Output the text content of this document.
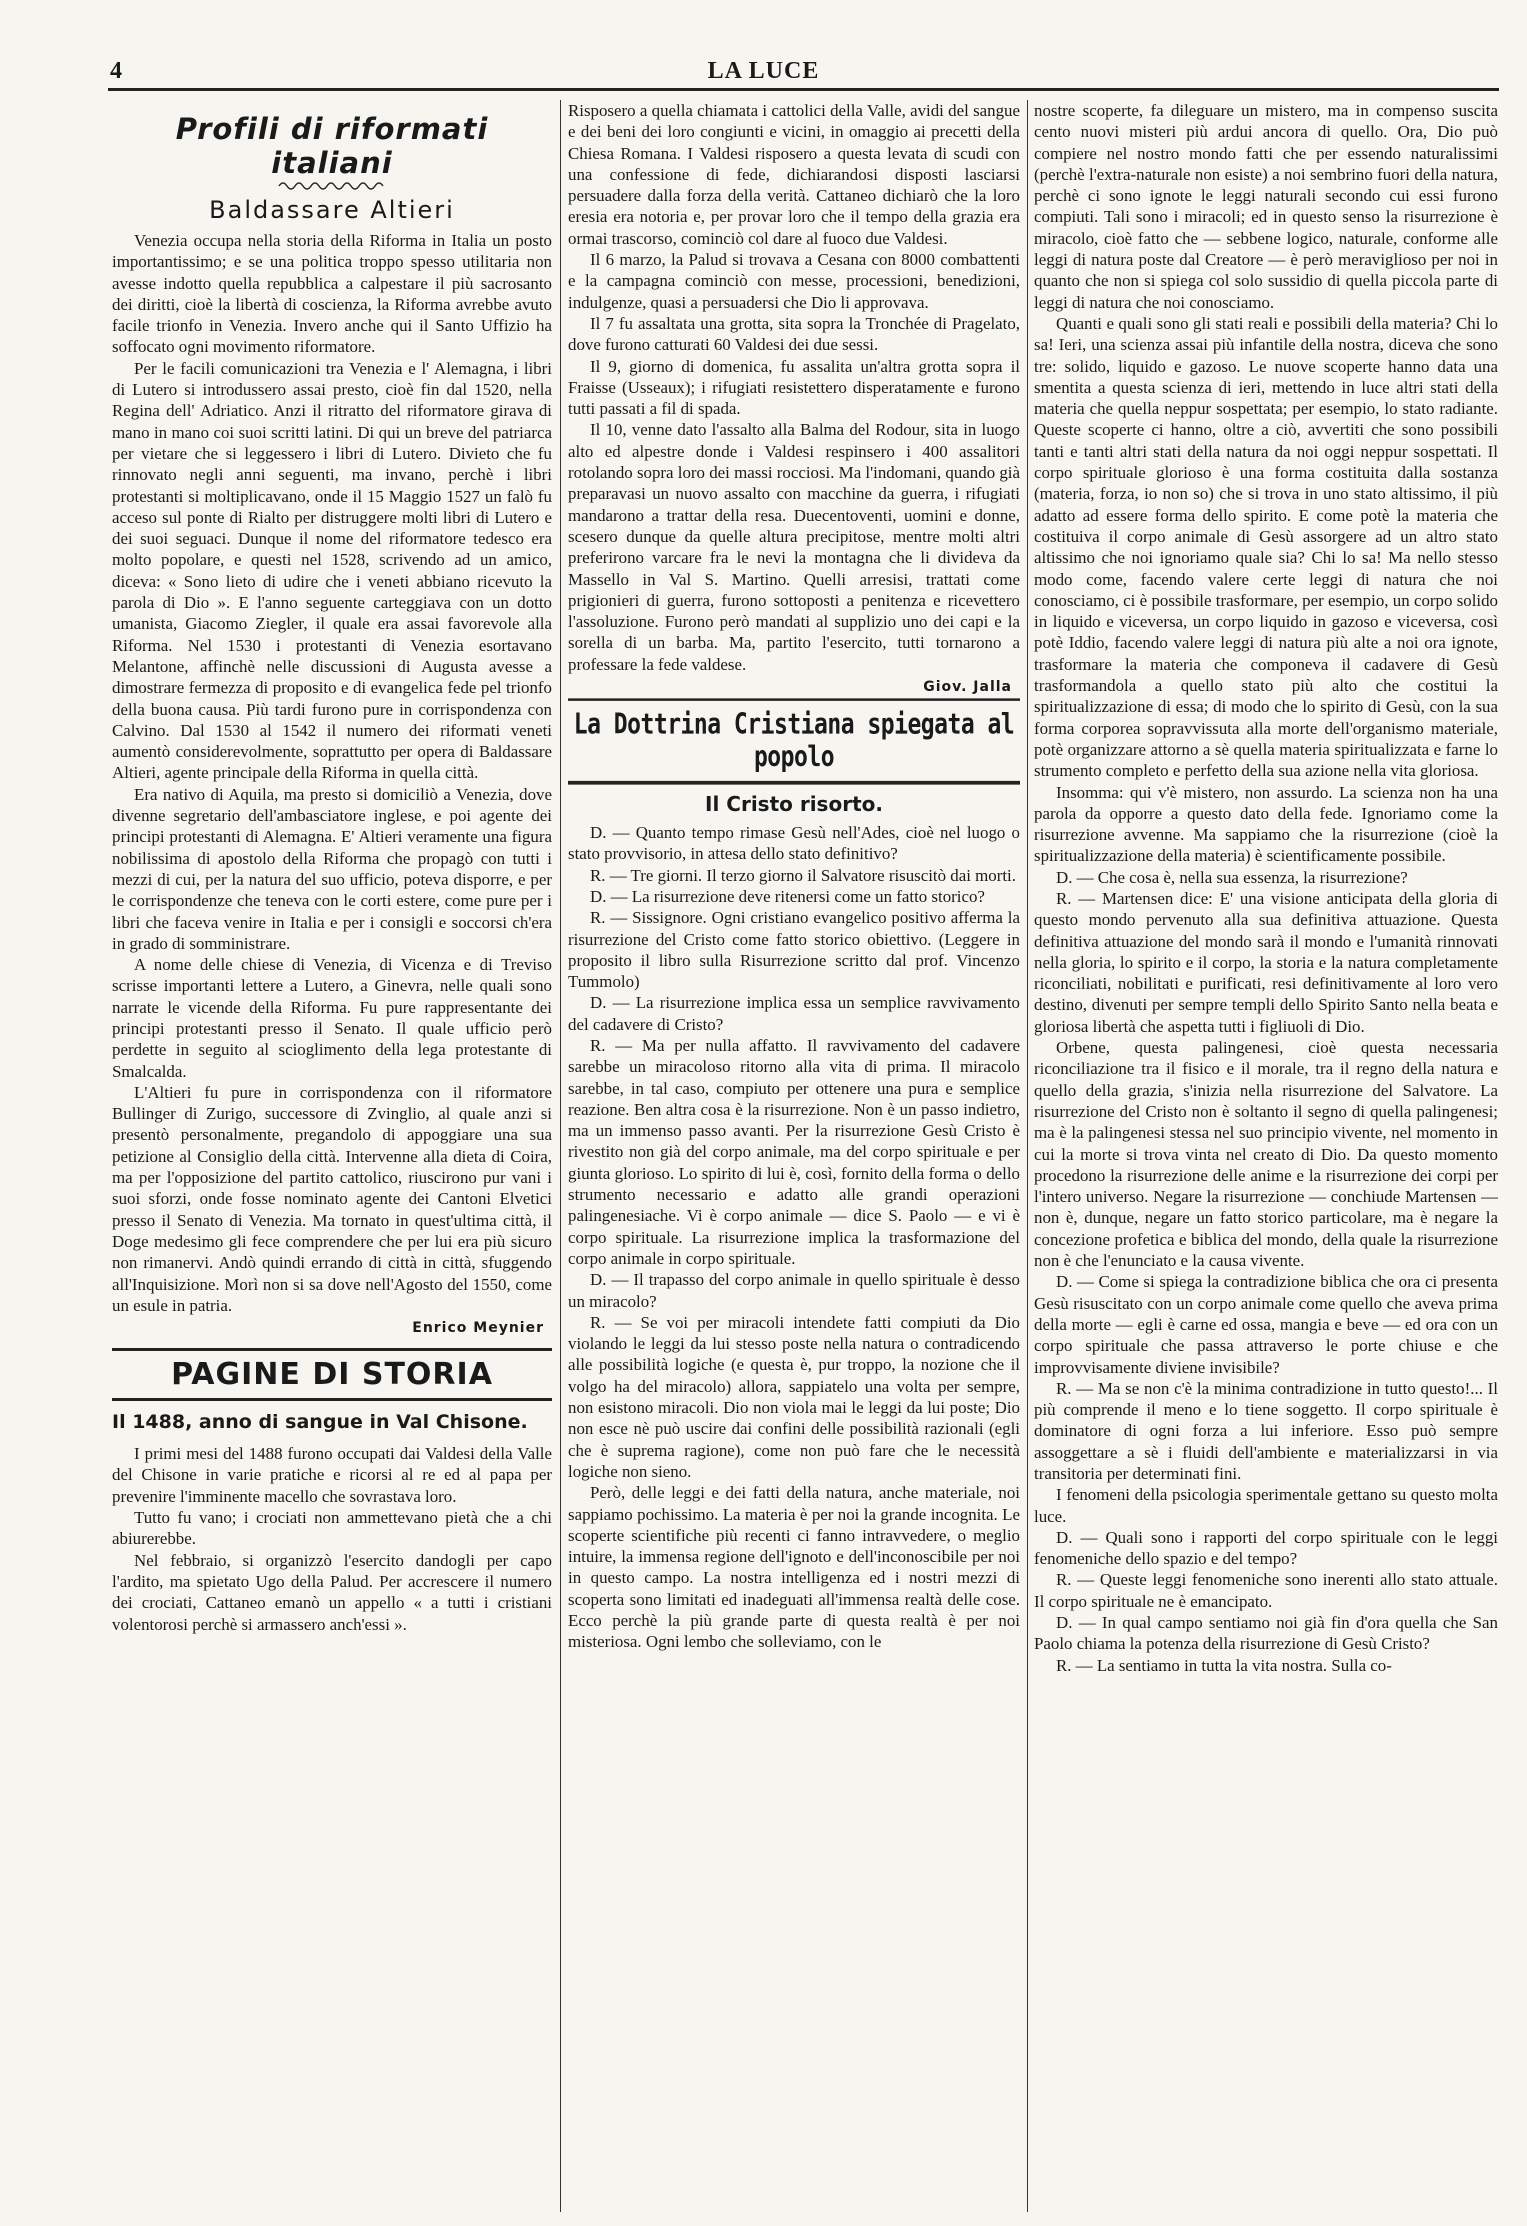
4	LA LUCE
Profili di riformati italiani
Baldassare Altieri

Venezia occupa nella storia della Riforma in Italia un posto importantissimo; e se una politica troppo spesso utilitaria non avesse indotto quella repubblica a calpestare il più sacrosanto dei diritti, cioè la libertà di coscienza, la Riforma avrebbe avuto facile trionfo in Venezia. Invero anche qui il Santo Uffizio ha soffocato ogni movimento riformatore.

Per le facili comunicazioni tra Venezia e l' Alemagna, i libri di Lutero si introdussero assai presto, cioè fin dal 1520, nella Regina dell' Adriatico. Anzi il ritratto del riformatore girava di mano in mano coi suoi scritti latini. Di qui un breve del patriarca per vietare che si leggessero i libri di Lutero. Divieto che fu rinnovato negli anni seguenti, ma invano, perchè i libri protestanti si moltiplicavano, onde il 15 Maggio 1527 un falò fu acceso sul ponte di Rialto per distruggere molti libri di Lutero e dei suoi seguaci. Dunque il nome del riformatore tedesco era molto popolare, e questi nel 1528, scrivendo ad un amico, diceva: « Sono lieto di udire che i veneti abbiano ricevuto la parola di Dio ». E l'anno seguente carteggiava con un dotto umanista, Giacomo Ziegler, il quale era assai favorevole alla Riforma. Nel 1530 i protestanti di Venezia esortavano Melantone, affinchè nelle discussioni di Augusta avesse a dimostrare fermezza di proposito e di evangelica fede pel trionfo della buona causa. Più tardi furono pure in corrispondenza con Calvino. Dal 1530 al 1542 il numero dei riformati veneti aumentò considerevolmente, soprattutto per opera di Baldassare Altieri, agente principale della Riforma in quella città.

Era nativo di Aquila, ma presto si domiciliò a Venezia, dove divenne segretario dell'ambasciatore inglese, e poi agente dei principi protestanti di Alemagna. E' Altieri veramente una figura nobilissima di apostolo della Riforma che propagò con tutti i mezzi di cui, per la natura del suo ufficio, poteva disporre, e per le corrispondenze che teneva con le corti estere, come pure per i libri che faceva venire in Italia e per i consigli e soccorsi ch'era in grado di somministrare.

A nome delle chiese di Venezia, di Vicenza e di Treviso scrisse importanti lettere a Lutero, a Ginevra, nelle quali sono narrate le vicende della Riforma. Fu pure rappresentante dei principi protestanti presso il Senato. Il quale ufficio però perdette in seguito al scioglimento della lega protestante di Smalcalda.

L'Altieri fu pure in corrispondenza con il riformatore Bullinger di Zurigo, successore di Zvinglio, al quale anzi si presentò personalmente, pregandolo di appoggiare una sua petizione al Consiglio della città. Intervenne alla dieta di Coira, ma per l'opposizione del partito cattolico, riuscirono pur vani i suoi sforzi, onde fosse nominato agente dei Cantoni Elvetici presso il Senato di Venezia. Ma tornato in quest'ultima città, il Doge medesimo gli fece comprendere che per lui era più sicuro non rimanervi. Andò quindi errando di città in città, sfuggendo all'Inquisizione. Morì non si sa dove nell'Agosto del 1550, come un esule in patria.

Enrico Meynier
PAGINE DI STORIA
Il 1488, anno di sangue in Val Chisone.

I primi mesi del 1488 furono occupati dai Valdesi della Valle del Chisone in varie pratiche e ricorsi al re ed al papa per prevenire l'imminente macello che sovrastava loro.

Tutto fu vano; i crociati non ammettevano pietà che a chi abiurerebbe.

Nel febbraio, si organizzò l'esercito dandogli per capo l'ardito, ma spietato Ugo della Palud. Per accrescere il numero dei crociati, Cattaneo emanò un appello « a tutti i cristiani volentorosi perchè si armassero anch'essi ».

Risposero a quella chiamata i cattolici della Valle, avidi del sangue e dei beni dei loro congiunti e vicini, in omaggio ai precetti della Chiesa Romana. I Valdesi risposero a questa levata di scudi con una confessione di fede, dichiarandosi disposti lasciarsi persuadere dalla forza della verità. Cattaneo dichiarò che la loro eresia era notoria e, per provar loro che il tempo della grazia era ormai trascorso, cominciò col dare al fuoco due Valdesi.

Il 6 marzo, la Palud si trovava a Cesana con 8000 combattenti e la campagna cominciò con messe, processioni, benedizioni, indulgenze, quasi a persuadersi che Dio li approvava.

Il 7 fu assaltata una grotta, sita sopra la Tronchée di Pragelato, dove furono catturati 60 Valdesi dei due sessi.

Il 9, giorno di domenica, fu assalita un'altra grotta sopra il Fraisse (Usseaux); i rifugiati resistettero disperatamente e furono tutti passati a fil di spada.

Il 10, venne dato l'assalto alla Balma del Rodour, sita in luogo alto ed alpestre donde i Valdesi respinsero i 400 assalitori rotolando sopra loro dei massi rocciosi. Ma l'indomani, quando già preparavasi un nuovo assalto con macchine da guerra, i rifugiati mandarono a trattar della resa. Duecentoventi, uomini e donne, scesero dunque da quelle altura precipitose, mentre molti altri preferirono varcare fra le nevi la montagna che li divideva da Massello in Val S. Martino. Quelli arresisi, trattati come prigionieri di guerra, furono sottoposti a penitenza e ricevettero l'assoluzione. Furono però mandati al supplizio uno dei capi e la sorella di un barba. Ma, partito l'esercito, tutti tornarono a professare la fede valdese.

Giov. Jalla
La Dottrina Cristiana spiegata al popolo
Il Cristo risorto.

D. — Quanto tempo rimase Gesù nell'Ades, cioè nel luogo o stato provvisorio, in attesa dello stato definitivo?

R. — Tre giorni. Il terzo giorno il Salvatore risuscitò dai morti.

D. — La risurrezione deve ritenersi come un fatto storico?

R. — Sissignore. Ogni cristiano evangelico positivo afferma la risurrezione del Cristo come fatto storico obiettivo. (Leggere in proposito il libro sulla Risurrezione scritto dal prof. Vincenzo Tummolo)

D. — La risurrezione implica essa un semplice ravvivamento del cadavere di Cristo?

R. — Ma per nulla affatto. Il ravvivamento del cadavere sarebbe un miracoloso ritorno alla vita di prima. Il miracolo sarebbe, in tal caso, compiuto per ottenere una pura e semplice reazione. Ben altra cosa è la risurrezione. Non è un passo indietro, ma un immenso passo avanti. Per la risurrezione Gesù Cristo è rivestito non già del corpo animale, ma del corpo spirituale e per giunta glorioso. Lo spirito di lui è, così, fornito della forma o dello strumento necessario e adatto alle grandi operazioni palingenesiache. Vi è corpo animale — dice S. Paolo — e vi è corpo spirituale. La risurrezione implica la trasformazione del corpo animale in corpo spirituale.

D. — Il trapasso del corpo animale in quello spirituale è desso un miracolo?

R. — Se voi per miracoli intendete fatti compiuti da Dio violando le leggi da lui stesso poste nella natura o contradicendo alle possibilità logiche (e questa è, pur troppo, la nozione che il volgo ha del miracolo) allora, sappiatelo una volta per sempre, non esistono miracoli. Dio non viola mai le leggi da lui poste; Dio non esce nè può uscire dai confini delle possibilità razionali (egli che è suprema ragione), come non può fare che le necessità logiche non sieno.

Però, delle leggi e dei fatti della natura, anche materiale, noi sappiamo pochissimo. La materia è per noi la grande incognita. Le scoperte scientifiche più recenti ci fanno intravvedere, o meglio intuire, la immensa regione dell'ignoto e dell'inconoscibile per noi in questo campo. La nostra intelligenza ed i nostri mezzi di scoperta sono limitati ed inadeguati all'immensa realtà delle cose. Ecco perchè la più grande parte di questa realtà è per noi misteriosa. Ogni lembo che solleviamo, con le

nostre scoperte, fa dileguare un mistero, ma in compenso suscita cento nuovi misteri più ardui ancora di quello. Ora, Dio può compiere nel nostro mondo fatti che per essendo naturalissimi (perchè l'extra-naturale non esiste) a noi sembrino fuori della natura, perchè ci sono ignote le leggi naturali secondo cui essi furono compiuti. Tali sono i miracoli; ed in questo senso la risurrezione è miracolo, cioè fatto che — sebbene logico, naturale, conforme alle leggi di natura poste dal Creatore — è però meraviglioso per noi in quanto che non si spiega col solo sussidio di quella piccola parte di leggi di natura che noi conosciamo.

Quanti e quali sono gli stati reali e possibili della materia? Chi lo sa! Ieri, una scienza assai più infantile della nostra, diceva che sono tre: solido, liquido e gazoso. Le nuove scoperte hanno data una smentita a questa scienza di ieri, mettendo in luce altri stati della materia che quella neppur sospettata; per esempio, lo stato radiante. Queste scoperte ci hanno, oltre a ciò, avvertiti che sono possibili tanti e tanti altri stati della natura da noi oggi neppur sospettati. Il corpo spirituale glorioso è una forma costituita dalla sostanza (materia, forza, io non so) che si trova in uno stato altissimo, il più adatto ad essere forma dello spirito. E come potè la materia che costituiva il corpo animale di Gesù assorgere ad un altro stato altissimo che noi ignoriamo quale sia? Chi lo sa! Ma nello stesso modo come, facendo valere certe leggi di natura che noi conosciamo, ci è possibile trasformare, per esempio, un corpo solido in liquido e viceversa, un corpo liquido in gazoso e viceversa, così potè Iddio, facendo valere leggi di natura più alte a noi ora ignote, trasformare la materia che componeva il cadavere di Gesù trasformandola a quello stato più alto che costitui la spiritualizzazione di essa; di modo che lo spirito di Gesù, con la sua forma corporea sopravvissuta alla morte dell'organismo materiale, potè organizzare attorno a sè quella materia spiritualizzata e farne lo strumento completo e perfetto della sua azione nella vita gloriosa.

Insomma: qui v'è mistero, non assurdo. La scienza non ha una parola da opporre a questo dato della fede. Ignoriamo come la risurrezione avvenne. Ma sappiamo che la risurrezione (cioè la spiritualizzazione della materia) è scientificamente possibile.

D. — Che cosa è, nella sua essenza, la risurrezione?

R. — Martensen dice: E' una visione anticipata della gloria di questo mondo pervenuto alla sua definitiva attuazione. Questa definitiva attuazione del mondo sarà il mondo e l'umanità rinnovati nella gloria, lo spirito e il corpo, la storia e la natura completamente riconciliati, nobilitati e purificati, resi definitivamente al loro vero destino, divenuti per sempre templi dello Spirito Santo nella beata e gloriosa libertà che aspetta tutti i figliuoli di Dio.

Orbene, questa palingenesi, cioè questa necessaria riconciliazione tra il fisico e il morale, tra il regno della natura e quello della grazia, s'inizia nella risurrezione del Salvatore. La risurrezione del Cristo non è soltanto il segno di quella palingenesi; ma è la palingenesi stessa nel suo principio vivente, nel momento in cui la morte si trova vinta nel creato di Dio. Da questo momento procedono la risurrezione delle anime e la risurrezione dei corpi per l'intero universo. Negare la risurrezione — conchiude Martensen — non è, dunque, negare un fatto storico particolare, ma è negare la concezione profetica e biblica del mondo, della quale la risurrezione non è che l'enunciato e la causa vivente.

D. — Come si spiega la contradizione biblica che ora ci presenta Gesù risuscitato con un corpo animale come quello che aveva prima della morte — egli è carne ed ossa, mangia e beve — ed ora con un corpo spirituale che passa attraverso le porte chiuse e che improvvisamente diviene invisibile?

R. — Ma se non c'è la minima contradizione in tutto questo!... Il più comprende il meno e lo tiene soggetto. Il corpo spirituale è dominatore di ogni forza a lui inferiore. Esso può sempre assoggettare a sè i fluidi dell'ambiente e materializzarsi in via transitoria per determinati fini.

I fenomeni della psicologia sperimentale gettano su questo molta luce.

D. — Quali sono i rapporti del corpo spirituale con le leggi fenomeniche dello spazio e del tempo?

R. — Queste leggi fenomeniche sono inerenti allo stato attuale. Il corpo spirituale ne è emancipato.

D. — In qual campo sentiamo noi già fin d'ora quella che San Paolo chiama la potenza della risurrezione di Gesù Cristo?

R. — La sentiamo in tutta la vita nostra. Sulla co-
